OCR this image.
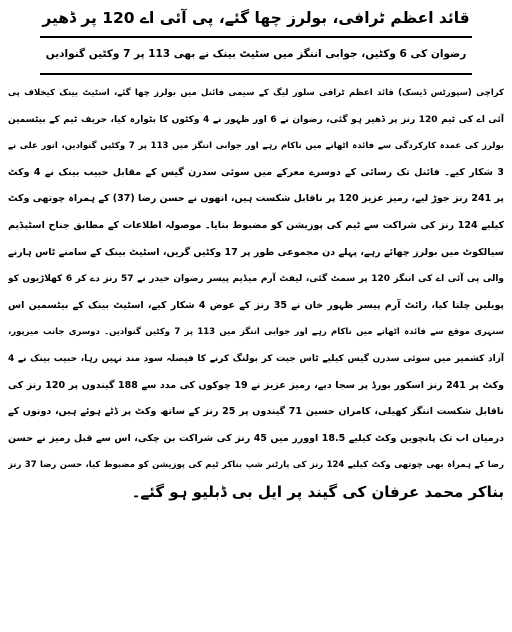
قائد اعظم ٹرافی، بولرز چھا گئے، پی آئی اے 120 پر ڈھیر
رضوان کی 6 وکٹیں، جوابی اننگز میں سٹیٹ بینک نے بھی 113 پر 7 وکٹیں گنوادیں
کراچی (سپورٹس ڈیسک) قائد اعظم ٹرافی سلور لیگ کے سیمی فائنل میں بولرز چھا گئے، اسٹیٹ بینک کیخلاف پی
آئی اے کی ٹیم 120 رنز پر ڈھیر ہو گئی، رضوان نے 6 اور ظہور نے 4 وکٹوں کا بٹوارہ کیا، حریف ٹیم کے بیٹسمین
بولرز کی عمدہ کارکردگی سے فائدہ اٹھانے میں ناکام رہے اور جوابی اننگز میں 113 پر 7 وکٹیں گنوادیں، انور علی نے
3 شکار کیے۔ فائنل تک رسائی کے دوسرے معرکے میں سوئی سدرن گیس کے مقابل حبیب بینک نے 4 وکٹ
پر 241 رنز جوڑ لیے، رمیز عزیز 120 پر ناقابل شکست ہیں، انھوں نے حسن رضا (37) کے ہمراہ چوتھی وکٹ
کیلیے 124 رنز کی شراکت سے ٹیم کی پوزیشن کو مضبوط بنایا۔ موصولہ اطلاعات کے مطابق جناح اسٹیڈیم
سیالکوٹ میں بولرز چھائے رہے، پہلے دن مجموعی طور پر 17 وکٹیں گریں، اسٹیٹ بینک کے سامنے ٹاس ہارنے
والی پی آئی اے کی اننگز 120 پر سمٹ گئی، لیفٹ آرم میڈیم پیسر رضوان حیدر نے 57 رنز دے کر 6 کھلاڑیوں کو
پویلین چلتا کیا، رائٹ آرم پیسر ظہور خان نے 35 رنز کے عوض 4 شکار کیے، اسٹیٹ بینک کے بیٹسمین اس
سنہری موقع سے فائدہ اٹھانے میں ناکام رہے اور جوابی اننگز میں 113 پر 7 وکٹیں گنوادیں۔ دوسری جانب میرپور،
آزاد کشمیر میں سوئی سدرن گیس کیلیے ٹاس جیت کر بولنگ کرنے کا فیصلہ سود مند نہیں رہا، حبیب بینک نے 4
وکٹ پر 241 رنز اسکور بورڈ پر سجا دیے، رمیز عزیز نے 19 چوکوں کی مدد سے 188 گیندوں پر 120 رنز کی
ناقابل شکست اننگز کھیلی، کامران حسین 71 گیندوں پر 25 رنز کے ساتھ وکٹ پر ڈٹے ہوئے ہیں، دونوں کے
درمیان اب تک پانچویں وکٹ کیلیے 18.5 اوورز میں 45 رنز کی شراکت بن چکی، اس سے قبل رمیز نے حسن
رضا کے ہمراہ بھی چوتھی وکٹ کیلیے 124 رنز کی پارٹنر شپ بناکر ٹیم کی پوزیشن کو مضبوط کیا، حسن رضا 37 رنز
بناکر محمد عرفان کی گیند پر ایل بی ڈبلیو ہو گئے۔
